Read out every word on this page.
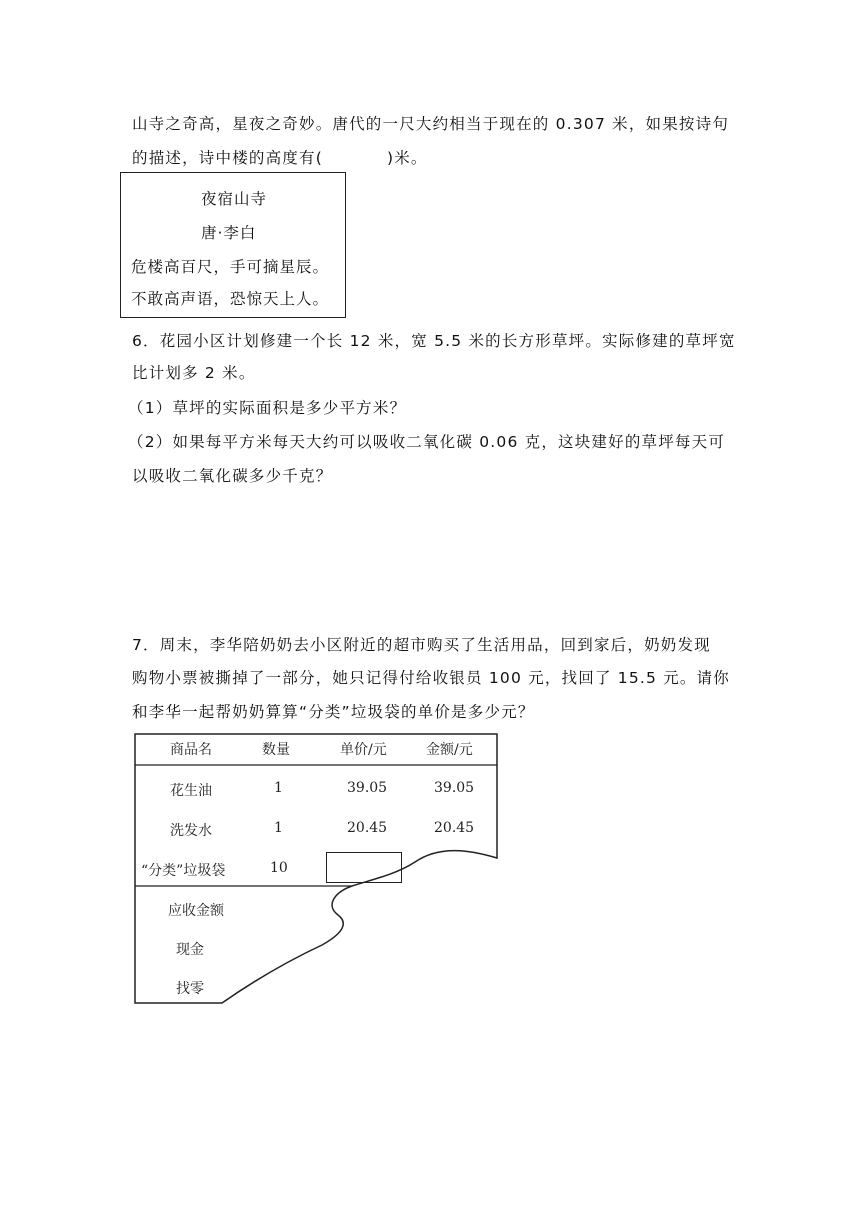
山寺之奇高，星夜之奇妙。唐代的一尺大约相当于现在的 0.307 米，如果按诗句
的描述，诗中楼的高度有(	)米。
夜宿山寺
唐·李白
危楼高百尺，手可摘星辰。
不敢高声语，恐惊天上人。
6．花园小区计划修建一个长 12 米，宽 5.5 米的长方形草坪。实际修建的草坪宽
比计划多 2 米。
（1）草坪的实际面积是多少平方米？
（2）如果每平方米每天大约可以吸收二氧化碳 0.06 克，这块建好的草坪每天可
以吸收二氧化碳多少千克？
7．周末，李华陪奶奶去小区附近的超市购买了生活用品，回到家后，奶奶发现
购物小票被撕掉了一部分，她只记得付给收银员 100 元，找回了 15.5 元。请你
和李华一起帮奶奶算算“分类”垃圾袋的单价是多少元？
商品名	数量	单价/元	金额/元
花生油	1	39.05	39.05
洗发水	1	20.45	20.45
“分类”垃圾袋	10
应收金额
现金
找零
